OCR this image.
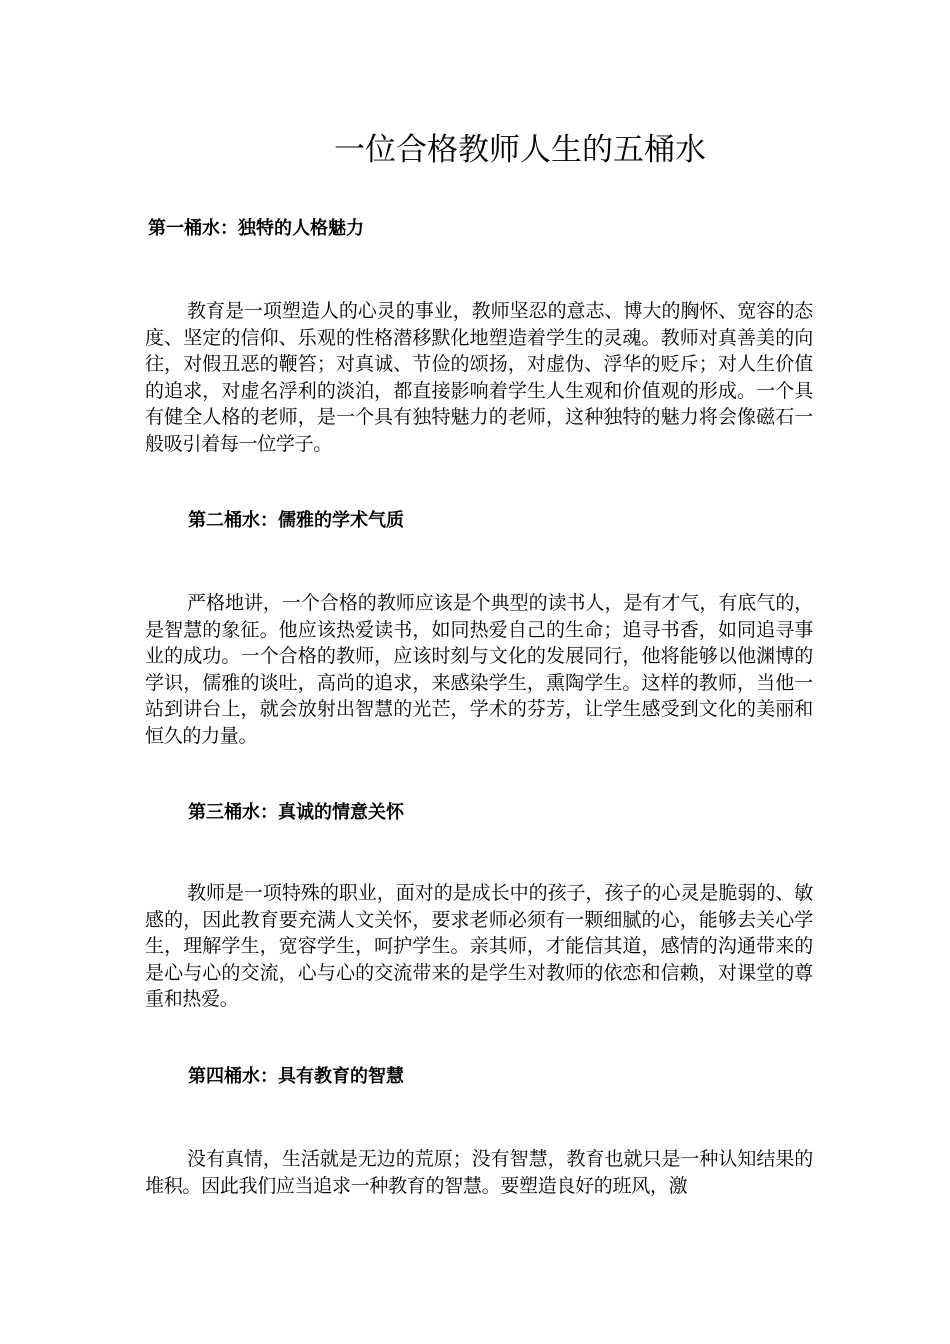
一位合格教师人生的五桶水
第一桶水：独特的人格魅力
教育是一项塑造人的心灵的事业，教师坚忍的意志、博大的胸怀、宽容的态度、坚定的信仰、乐观的性格潜移默化地塑造着学生的灵魂。教师对真善美的向往，对假丑恶的鞭笞；对真诚、节俭的颂扬，对虚伪、浮华的贬斥；对人生价值的追求，对虚名浮利的淡泊，都直接影响着学生人生观和价值观的形成。一个具有健全人格的老师，是一个具有独特魅力的老师，这种独特的魅力将会像磁石一般吸引着每一位学子。
第二桶水：儒雅的学术气质
严格地讲，一个合格的教师应该是个典型的读书人，是有才气，有底气的，是智慧的象征。他应该热爱读书，如同热爱自己的生命；追寻书香，如同追寻事业的成功。一个合格的教师，应该时刻与文化的发展同行，他将能够以他渊博的学识，儒雅的谈吐，高尚的追求，来感染学生，熏陶学生。这样的教师，当他一站到讲台上，就会放射出智慧的光芒，学术的芬芳，让学生感受到文化的美丽和恒久的力量。
第三桶水：真诚的情意关怀
教师是一项特殊的职业，面对的是成长中的孩子，孩子的心灵是脆弱的、敏感的，因此教育要充满人文关怀，要求老师必须有一颗细腻的心，能够去关心学生，理解学生，宽容学生，呵护学生。亲其师，才能信其道，感情的沟通带来的是心与心的交流，心与心的交流带来的是学生对教师的依恋和信赖，对课堂的尊重和热爱。
第四桶水：具有教育的智慧
没有真情，生活就是无边的荒原；没有智慧，教育也就只是一种认知结果的堆积。因此我们应当追求一种教育的智慧。要塑造良好的班风，激
